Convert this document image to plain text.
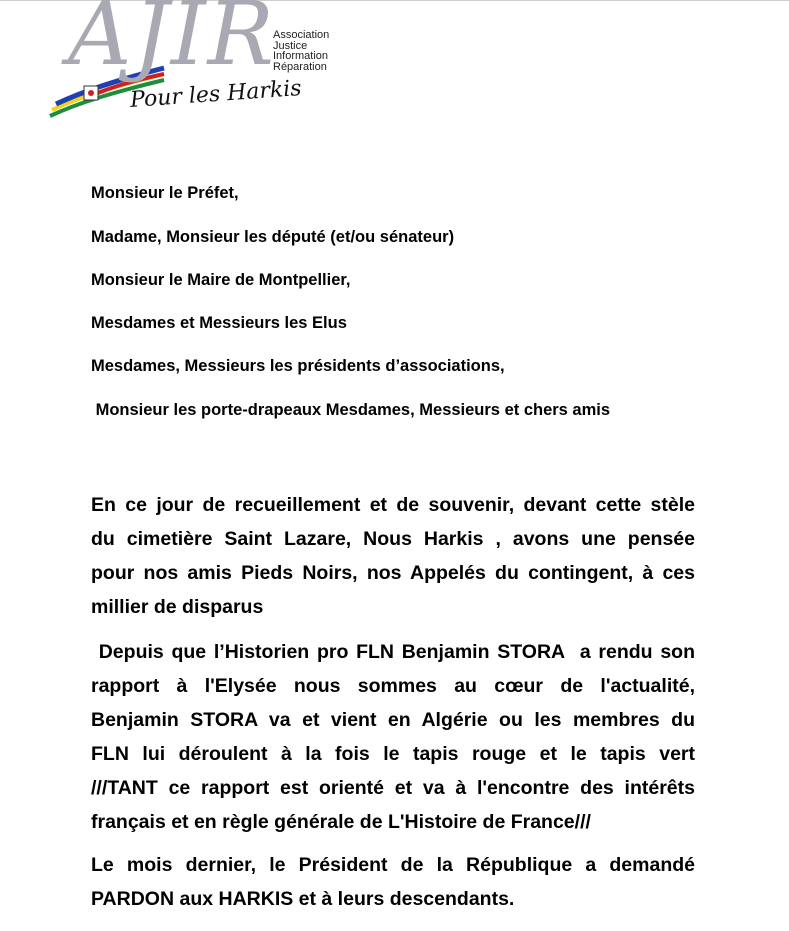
AJIR
Association
Justice
Information
Réparation
Pour les Harkis
Monsieur le Préfet,
Madame, Monsieur les député (et/ou sénateur)
Monsieur le Maire de Montpellier,
Mesdames et Messieurs les Elus
Mesdames, Messieurs les présidents d’associations,
Monsieur les porte-drapeaux Mesdames, Messieurs et chers amis
En ce jour de recueillement et de souvenir, devant cette stèle
du cimetière Saint Lazare, Nous Harkis , avons une pensée
pour nos amis Pieds Noirs, nos Appelés du contingent, à ces
millier de disparus
Depuis que l’Historien pro FLN Benjamin STORA  a rendu son
rapport à l'Elysée nous sommes au cœur de l'actualité,
Benjamin STORA va et vient en Algérie ou les membres du
FLN lui déroulent à la fois le tapis rouge et le tapis vert
///TANT ce rapport est orienté et va à l'encontre des intérêts
français et en règle générale de L'Histoire de France///
Le mois dernier, le Président de la République a demandé
PARDON aux HARKIS et à leurs descendants.
